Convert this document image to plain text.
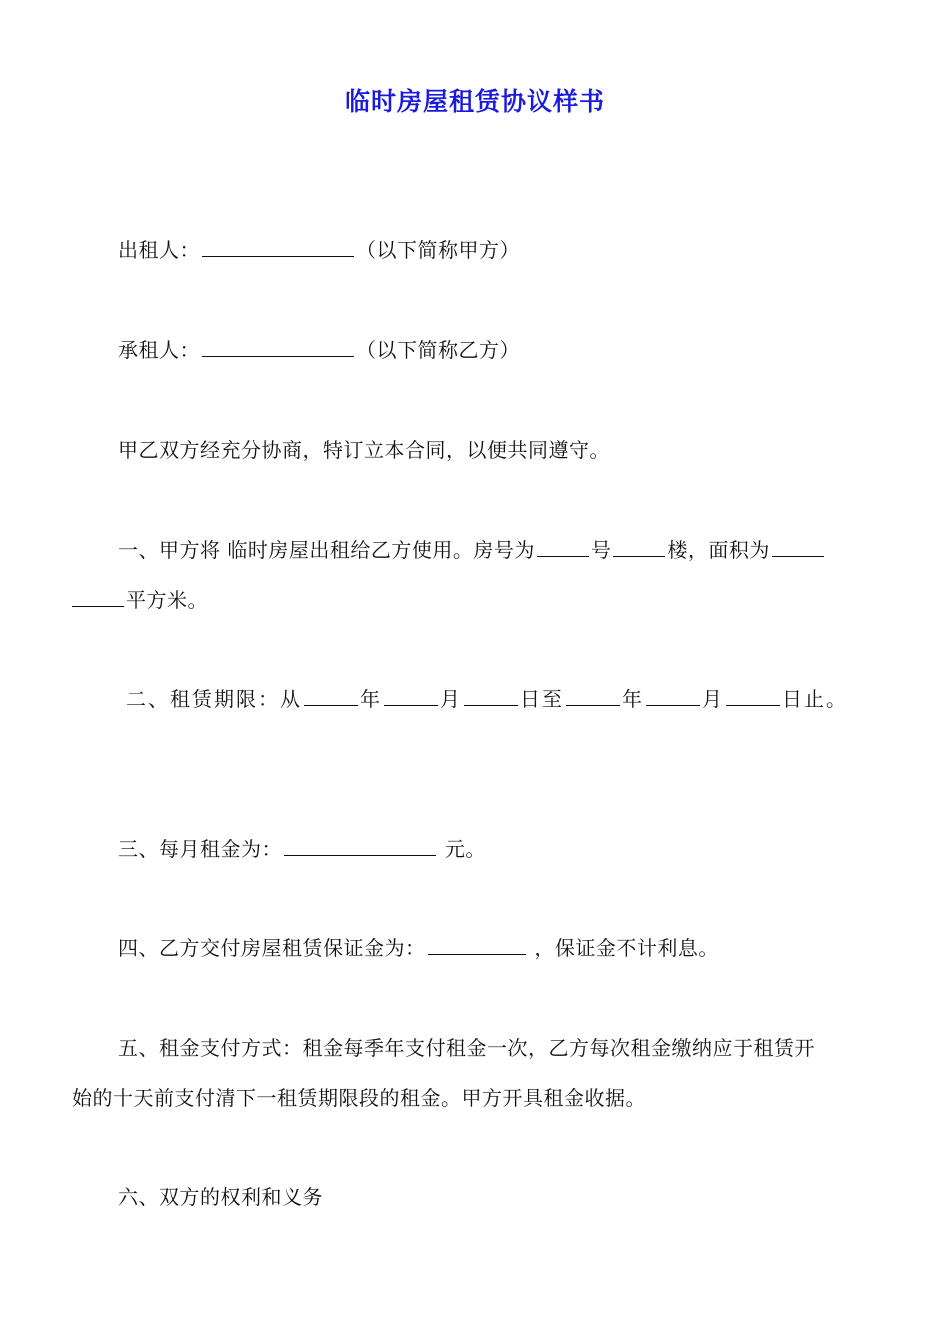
临时房屋租赁协议样书
出租人：	（以下简称甲方）
承租人：	（以下简称乙方）
甲乙双方经充分协商，特订立本合同，以便共同遵守。
一、甲方将 临时房屋出租给乙方使用。房号为	号	楼，面积为
平方米。
二、租赁期限：从	年	月	日至	年	月	日止。
三、每月租金为：	元。
四、乙方交付房屋租赁保证金为：	，保证金不计利息。
五、租金支付方式：租金每季年支付租金一次，乙方每次租金缴纳应于租赁开
始的十天前支付清下一租赁期限段的租金。甲方开具租金收据。
六、双方的权利和义务
